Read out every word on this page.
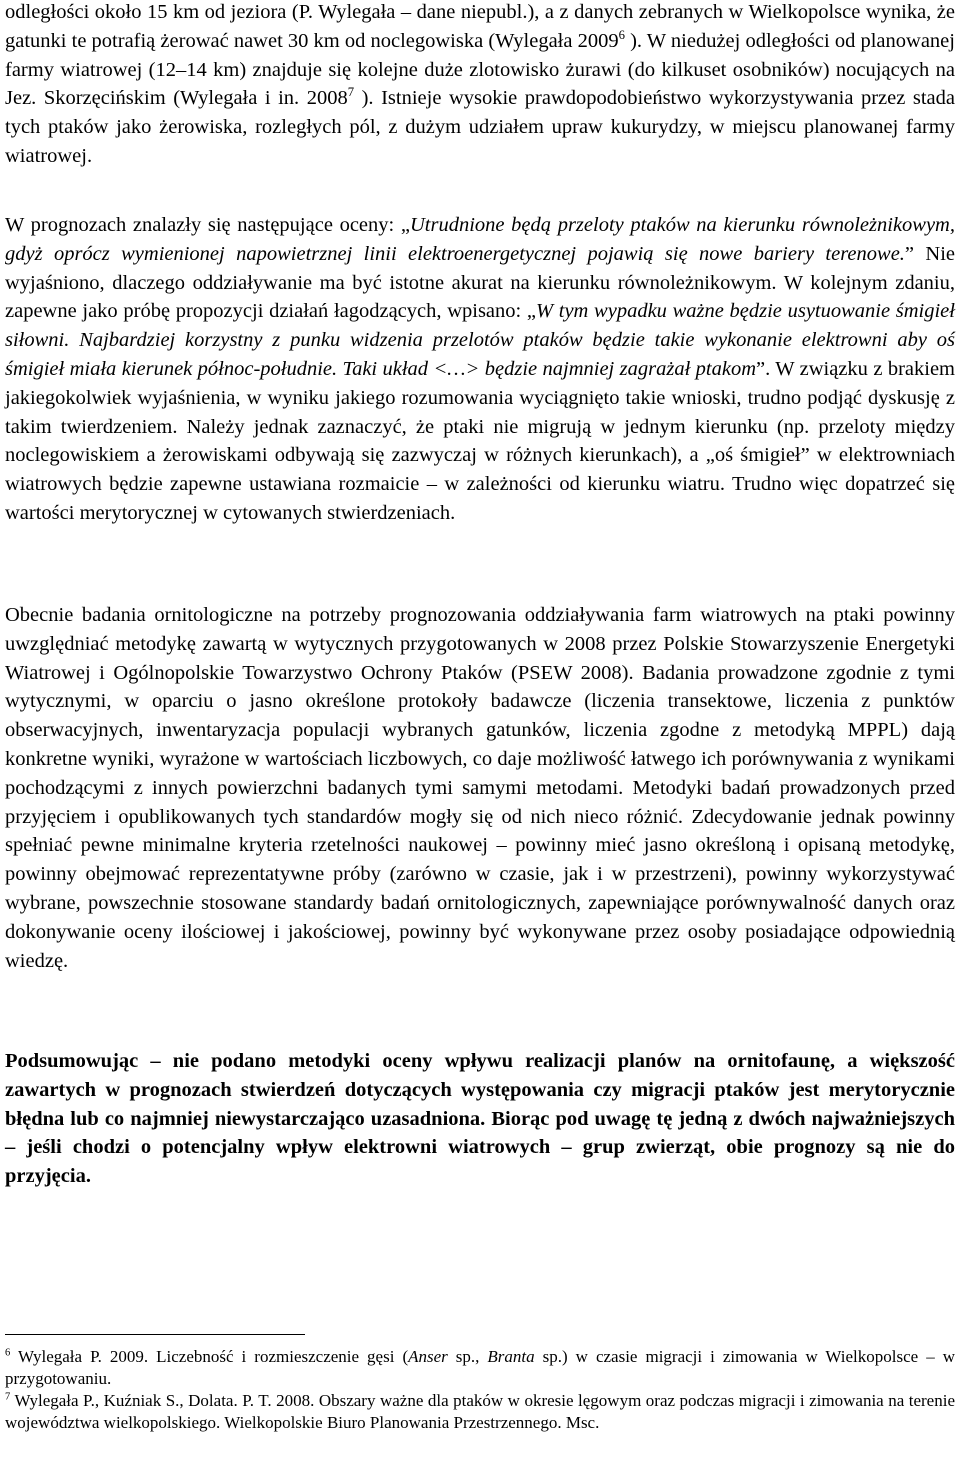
odległości około 15 km od jeziora (P. Wylegała – dane niepubl.), a z danych zebranych w Wielkopolsce wynika, że gatunki te potrafią żerować nawet 30 km od noclegowiska (Wylegała 2009$^6$ ). W niedużej odległości od planowanej farmy wiatrowej (12–14 km) znajduje się kolejne duże zlotowisko żurawi (do kilkuset osobników) nocujących na Jez. Skorzęcińskim (Wylegała i in. 2008$^7$ ). Istnieje wysokie prawdopodobieństwo wykorzystywania przez stada tych ptaków jako żerowiska, rozległych pól, z dużym udziałem upraw kukurydzy, w miejscu planowanej farmy wiatrowej.

W prognozach znalazły się następujące oceny: „Utrudnione będą przeloty ptaków na kierunku równoleżnikowym, gdyż oprócz wymienionej napowietrznej linii elektroenergetycznej pojawią się nowe bariery terenowe.” Nie wyjaśniono, dlaczego oddziaływanie ma być istotne akurat na kierunku równoleżnikowym. W kolejnym zdaniu, zapewne jako próbę propozycji działań łagodzących, wpisano: „W tym wypadku ważne będzie usytuowanie śmigieł siłowni. Najbardziej korzystny z punku widzenia przelotów ptaków będzie takie wykonanie elektrowni aby oś śmigieł miała kierunek północ-południe. Taki układ <…> będzie najmniej zagrażał ptakom”. W związku z brakiem jakiegokolwiek wyjaśnienia, w wyniku jakiego rozumowania wyciągnięto takie wnioski, trudno podjąć dyskusję z takim twierdzeniem. Należy jednak zaznaczyć, że ptaki nie migrują w jednym kierunku (np. przeloty między noclegowiskiem a żerowiskami odbywają się zazwyczaj w różnych kierunkach), a „oś śmigieł” w elektrowniach wiatrowych będzie zapewne ustawiana rozmaicie – w zależności od kierunku wiatru. Trudno więc dopatrzeć się wartości merytorycznej w cytowanych stwierdzeniach.

Obecnie badania ornitologiczne na potrzeby prognozowania oddziaływania farm wiatrowych na ptaki powinny uwzględniać metodykę zawartą w wytycznych przygotowanych w 2008 przez Polskie Stowarzyszenie Energetyki Wiatrowej i Ogólnopolskie Towarzystwo Ochrony Ptaków (PSEW 2008). Badania prowadzone zgodnie z tymi wytycznymi, w oparciu o jasno określone protokoły badawcze (liczenia transektowe, liczenia z punktów obserwacyjnych, inwentaryzacja populacji wybranych gatunków, liczenia zgodne z metodyką MPPL) dają konkretne wyniki, wyrażone w wartościach liczbowych, co daje możliwość łatwego ich porównywania z wynikami pochodzącymi z innych powierzchni badanych tymi samymi metodami. Metodyki badań prowadzonych przed przyjęciem i opublikowanych tych standardów mogły się od nich nieco różnić. Zdecydowanie jednak powinny spełniać pewne minimalne kryteria rzetelności naukowej – powinny mieć jasno określoną i opisaną metodykę, powinny obejmować reprezentatywne próby (zarówno w czasie, jak i w przestrzeni), powinny wykorzystywać wybrane, powszechnie stosowane standardy badań ornitologicznych, zapewniające porównywalność danych oraz dokonywanie oceny ilościowej i jakościowej, powinny być wykonywane przez osoby posiadające odpowiednią wiedzę.

Podsumowując – nie podano metodyki oceny wpływu realizacji planów na ornitofaunę, a większość zawartych w prognozach stwierdzeń dotyczących występowania czy migracji ptaków jest merytorycznie błędna lub co najmniej niewystarczająco uzasadniona. Biorąc pod uwagę tę jedną z dwóch najważniejszych – jeśli chodzi o potencjalny wpływ elektrowni wiatrowych – grup zwierząt, obie prognozy są nie do przyjęcia.

$^6$ Wylegała P. 2009. Liczebność i rozmieszczenie gęsi (Anser sp., Branta sp.) w czasie migracji i zimowania w Wielkopolsce – w przygotowaniu.

$^7$ Wylegała P., Kuźniak S., Dolata. P. T. 2008. Obszary ważne dla ptaków w okresie lęgowym oraz podczas migracji i zimowania na terenie województwa wielkopolskiego. Wielkopolskie Biuro Planowania Przestrzennego. Msc.
